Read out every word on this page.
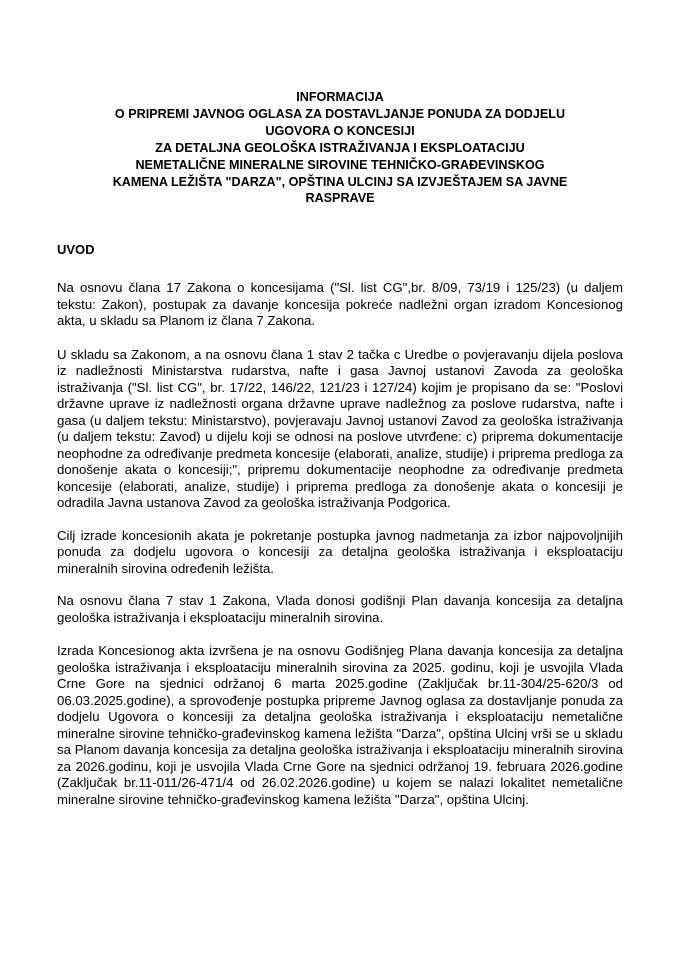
INFORMACIJA
O PRIPREMI JAVNOG OGLASA ZA DOSTAVLJANJE PONUDA ZA DODJELU
UGOVORA O KONCESIJI
ZA DETALJNA GEOLOŠKA ISTRAŽIVANJA I EKSPLOATACIJU
NEMETALIČNE MINERALNE SIROVINE TEHNIČKO-GRAĐEVINSKOG
KAMENA LEŽIŠTA "DARZA", OPŠTINA ULCINJ SA IZVJEŠTAJEM SA JAVNE
RASPRAVE
UVOD

Na osnovu člana 17 Zakona o koncesijama ("Sl. list CG",br. 8/09, 73/19 i 125/23) (u daljem tekstu: Zakon), postupak za davanje koncesija pokreće nadležni organ izradom Koncesionog akta, u skladu sa Planom iz člana 7 Zakona.

U skladu sa Zakonom, a na osnovu člana 1 stav 2 tačka c Uredbe o povjeravanju dijela poslova iz nadležnosti Ministarstva rudarstva, nafte i gasa Javnoj ustanovi Zavoda za geološka istraživanja ("Sl. list CG", br. 17/22, 146/22, 121/23 i 127/24) kojim je propisano da se: "Poslovi državne uprave iz nadležnosti organa državne uprave nadležnog za poslove rudarstva, nafte i gasa (u daljem tekstu: Ministarstvo), povjeravaju Javnoj ustanovi Zavod za geološka istraživanja (u daljem tekstu: Zavod) u dijelu koji se odnosi na poslove utvrđene: c) priprema dokumentacije neophodne za određivanje predmeta koncesije (elaborati, analize, studije) i priprema predloga za donošenje akata o koncesiji;", pripremu dokumentacije neophodne za određivanje predmeta koncesije (elaborati, analize, studije) i priprema predloga za donošenje akata o koncesiji je odradila Javna ustanova Zavod za geološka istraživanja Podgorica.

Cilj izrade koncesionih akata je pokretanje postupka javnog nadmetanja za izbor najpovoljnijih ponuda za dodjelu ugovora o koncesiji za detaljna geološka istraživanja i eksploataciju mineralnih sirovina određenih ležišta.

Na osnovu člana 7 stav 1 Zakona, Vlada donosi godišnji Plan davanja koncesija za detaljna geološka istraživanja i eksploataciju mineralnih sirovina.

Izrada Koncesionog akta izvršena je na osnovu Godišnjeg Plana davanja koncesija za detaljna geološka istraživanja i eksploataciju mineralnih sirovina za 2025. godinu, koji je usvojila Vlada Crne Gore na sjednici održanoj 6 marta 2025.godine (Zaključak br.11-304/25-620/3 od 06.03.2025.godine), a sprovođenje postupka pripreme Javnog oglasa za dostavljanje ponuda za dodjelu Ugovora o koncesiji za detaljna geološka istraživanja i eksploataciju nemetalične mineralne sirovine tehničko-građevinskog kamena ležišta "Darza", opština Ulcinj vrši se u skladu sa Planom davanja koncesija za detaljna geološka istraživanja i eksploataciju mineralnih sirovina za 2026.godinu, koji je usvojila Vlada Crne Gore na sjednici održanoj 19. februara 2026.godine (Zaključak br.11-011/26-471/4 od 26.02.2026.godine) u kojem se nalazi lokalitet nemetalične mineralne sirovine tehničko-građevinskog kamena ležišta "Darza", opština Ulcinj.
